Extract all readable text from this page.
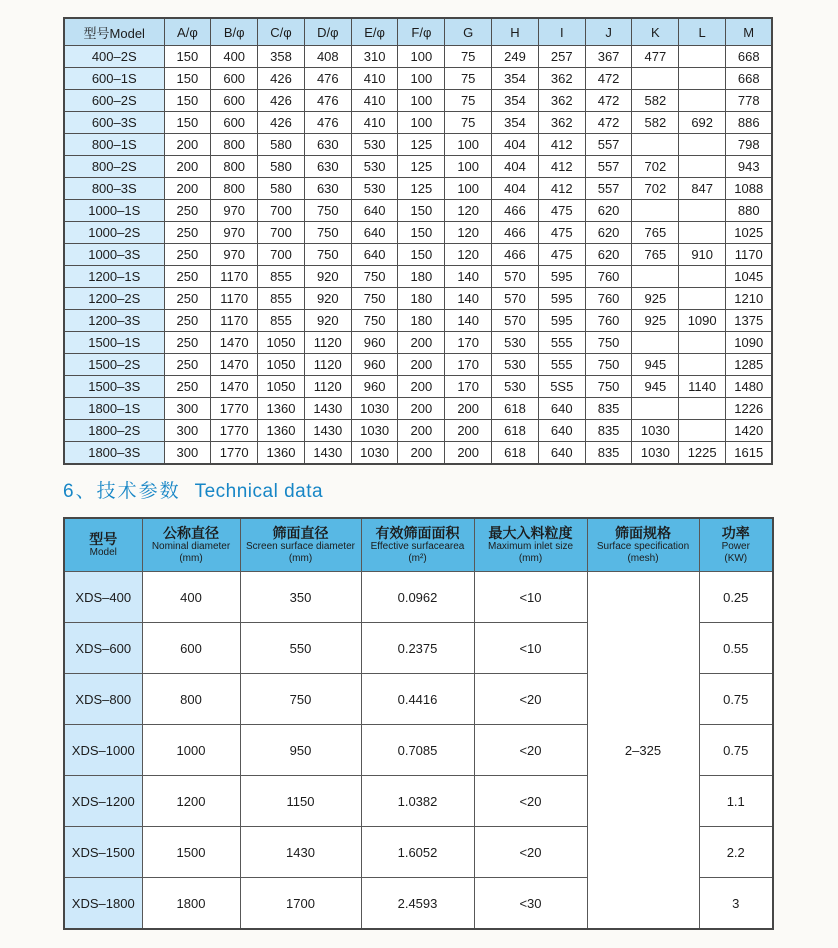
型号Model	A/φ	B/φ	C/φ	D/φ	E/φ	F/φ	G	H	I	J	K	L	M
400–2S	150	400	358	408	310	100	75	249	257	367	477		668
600–1S	150	600	426	476	410	100	75	354	362	472			668
600–2S	150	600	426	476	410	100	75	354	362	472	582		778
600–3S	150	600	426	476	410	100	75	354	362	472	582	692	886
800–1S	200	800	580	630	530	125	100	404	412	557			798
800–2S	200	800	580	630	530	125	100	404	412	557	702		943
800–3S	200	800	580	630	530	125	100	404	412	557	702	847	1088
1000–1S	250	970	700	750	640	150	120	466	475	620			880
1000–2S	250	970	700	750	640	150	120	466	475	620	765		1025
1000–3S	250	970	700	750	640	150	120	466	475	620	765	910	1170
1200–1S	250	1170	855	920	750	180	140	570	595	760			1045
1200–2S	250	1170	855	920	750	180	140	570	595	760	925		1210
1200–3S	250	1170	855	920	750	180	140	570	595	760	925	1090	1375
1500–1S	250	1470	1050	1120	960	200	170	530	555	750			1090
1500–2S	250	1470	1050	1120	960	200	170	530	555	750	945		1285
1500–3S	250	1470	1050	1120	960	200	170	530	5S5	750	945	1140	1480
1800–1S	300	1770	1360	1430	1030	200	200	618	640	835			1226
1800–2S	300	1770	1360	1430	1030	200	200	618	640	835	1030		1420
1800–3S	300	1770	1360	1430	1030	200	200	618	640	835	1030	1225	1615
6、技术参数 Technical data
型号
Model

公称直径
Nominal diameter
(mm)

筛面直径
Screen surface diameter
(mm)

有效筛面面积
Effective surfacearea
(m²)

最大入料粒度
Maximum inlet size
(mm)

筛面规格
Surface specification
(mesh)

功率
Power
(KW)

XDS–400	400	350	0.0962	<10	2–325	0.25
XDS–600	600	550	0.2375	<10		0.55
XDS–800	800	750	0.4416	<20		0.75
XDS–1000	1000	950	0.7085	<20		0.75
XDS–1200	1200	1150	1.0382	<20		1.1
XDS–1500	1500	1430	1.6052	<20		2.2
XDS–1800	1800	1700	2.4593	<30		3
